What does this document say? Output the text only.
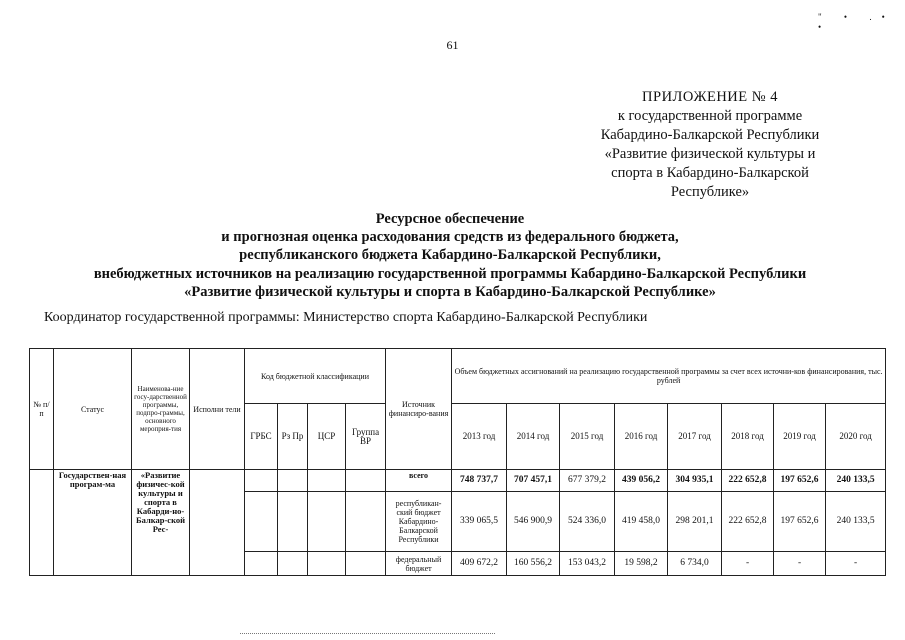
61
" • .• •
ПРИЛОЖЕНИЕ № 4
к государственной программе
Кабардино-Балкарской Республики
«Развитие физической культуры и
спорта в Кабардино-Балкарской
Республике»
Ресурсное обеспечение
и прогнозная оценка расходования средств из федерального бюджета,
республиканского бюджета Кабардино-Балкарской Республики,
внебюджетных источников на реализацию государственной программы Кабардино-Балкарской Республики
«Развитие физической культуры и спорта в Кабардино-Балкарской Республике»
Координатор государственной программы: Министерство спорта Кабардино-Балкарской Республики
№ п/п	Статус	Наименова-ние госу-дарственной программы, подпро-граммы, основного мероприя-тия	Исполни тели	Код бюджетной классификации				Источник финансиро-вания	Объем бюджетных ассигнований на реализацию государственной программы за счет всех источни-ков финансирования, тыс. рублей							
				ГРБС	Рз Пр	ЦСР	Группа ВР		2013 год	2014 год	2015 год	2016 год	2017 год	2018 год	2019 год	2020 год
	Государствен-ная програм-ма	«Развитие физичес-кой культуры и спорта в Кабарди-но-Балкар-ской Рес-						всего	748 737,7	707 457,1	677 379,2	439 056,2	304 935,1	222 652,8	197 652,6	240 133,5
								республикан-ский бюджет Кабардино-Балкарской Республики	339 065,5	546 900,9	524 336,0	419 458,0	298 201,1	222 652,8	197 652,6	240 133,5
								федеральный бюджет	409 672,2	160 556,2	153 043,2	19 598,2	6 734,0	-	-	-
